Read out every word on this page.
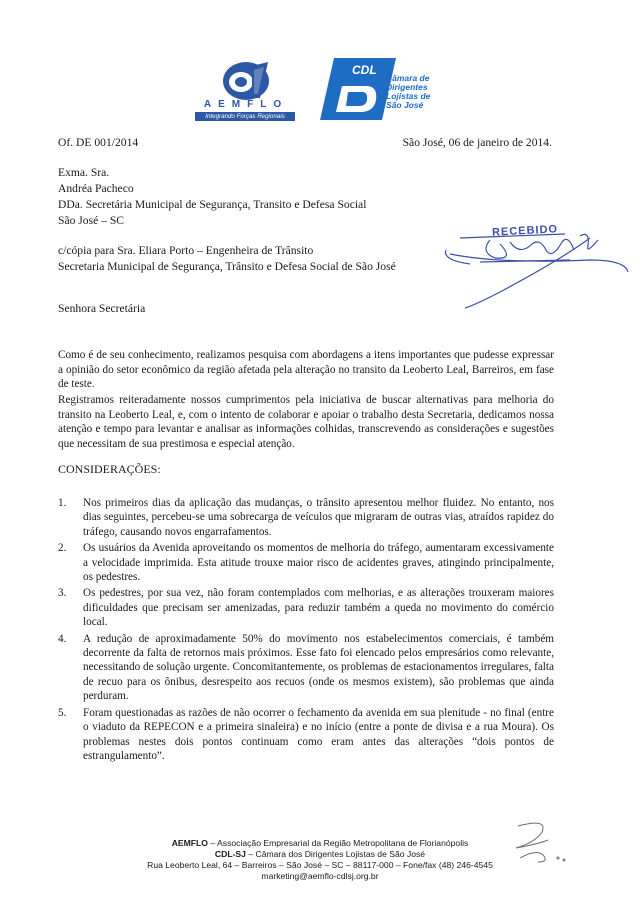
AEMFLO
Integrando Forças Regionais
CDL
Câmara de
Dirigentes
Lojistas de
São José
Of. DE 001/2014	São José, 06 de janeiro de 2014.
Exma. Sra.
Andréa Pacheco
DDa. Secretária Municipal de Segurança, Transito e Defesa Social
São José – SC
c/cópia para Sra. Eliara Porto – Engenheira de Trânsito
Secretaria Municipal de Segurança, Trânsito e Defesa Social de São José
RECEBIDO
Senhora Secretária
Como é de seu conhecimento, realizamos pesquisa com abordagens a itens importantes que pudesse expressar a opinião do setor econômico da região afetada pela alteração no transito da Leoberto Leal, Barreiros, em fase de teste.
Registramos reiteradamente nossos cumprimentos pela iniciativa de buscar alternativas para melhoria do transito na Leoberto Leal, e, com o intento de colaborar e apoiar o trabalho desta Secretaria, dedicamos nossa atenção e tempo para levantar e analisar as informações colhidas, transcrevendo as considerações e sugestões que necessitam de sua prestimosa e especial atenção.
CONSIDERAÇÕES:
1. Nos primeiros dias da aplicação das mudanças, o trânsito apresentou melhor fluidez. No entanto, nos dias seguintes, percebeu-se uma sobrecarga de veículos que migraram de outras vias, atraídos rapidez do tráfego, causando novos engarrafamentos.
2. Os usuários da Avenida aproveitando os momentos de melhoria do tráfego, aumentaram excessivamente a velocidade imprimida. Esta atitude trouxe maior risco de acidentes graves, atingindo principalmente, os pedestres.
3. Os pedestres, por sua vez, não foram contemplados com melhorias, e as alterações trouxeram maiores dificuldades que precisam ser amenizadas, para reduzir também a queda no movimento do comércio local.
4. A redução de aproximadamente 50% do movimento nos estabelecimentos comerciais, é também decorrente da falta de retornos mais próximos. Esse fato foi elencado pelos empresários como relevante, necessitando de solução urgente. Concomitantemente, os problemas de estacionamentos irregulares, falta de recuo para os ônibus, desrespeito aos recuos (onde os mesmos existem), são problemas que ainda perduram.
5. Foram questionadas as razões de não ocorrer o fechamento da avenida em sua plenitude - no final (entre o viaduto da REPECON e a primeira sinaleira) e no início (entre a ponte de divisa e a rua Moura). Os problemas nestes dois pontos continuam como eram antes das alterações “dois pontos de estrangulamento”.
AEMFLO – Associação Empresarial da Região Metropolitana de Florianópolis
CDL-SJ – Câmara dos Dirigentes Lojistas de São José
Rua Leoberto Leal, 64 – Barreiros – São José – SC – 88117-000 – Fone/fax (48) 246-4545
marketing@aemflo-cdlsj.org.br
